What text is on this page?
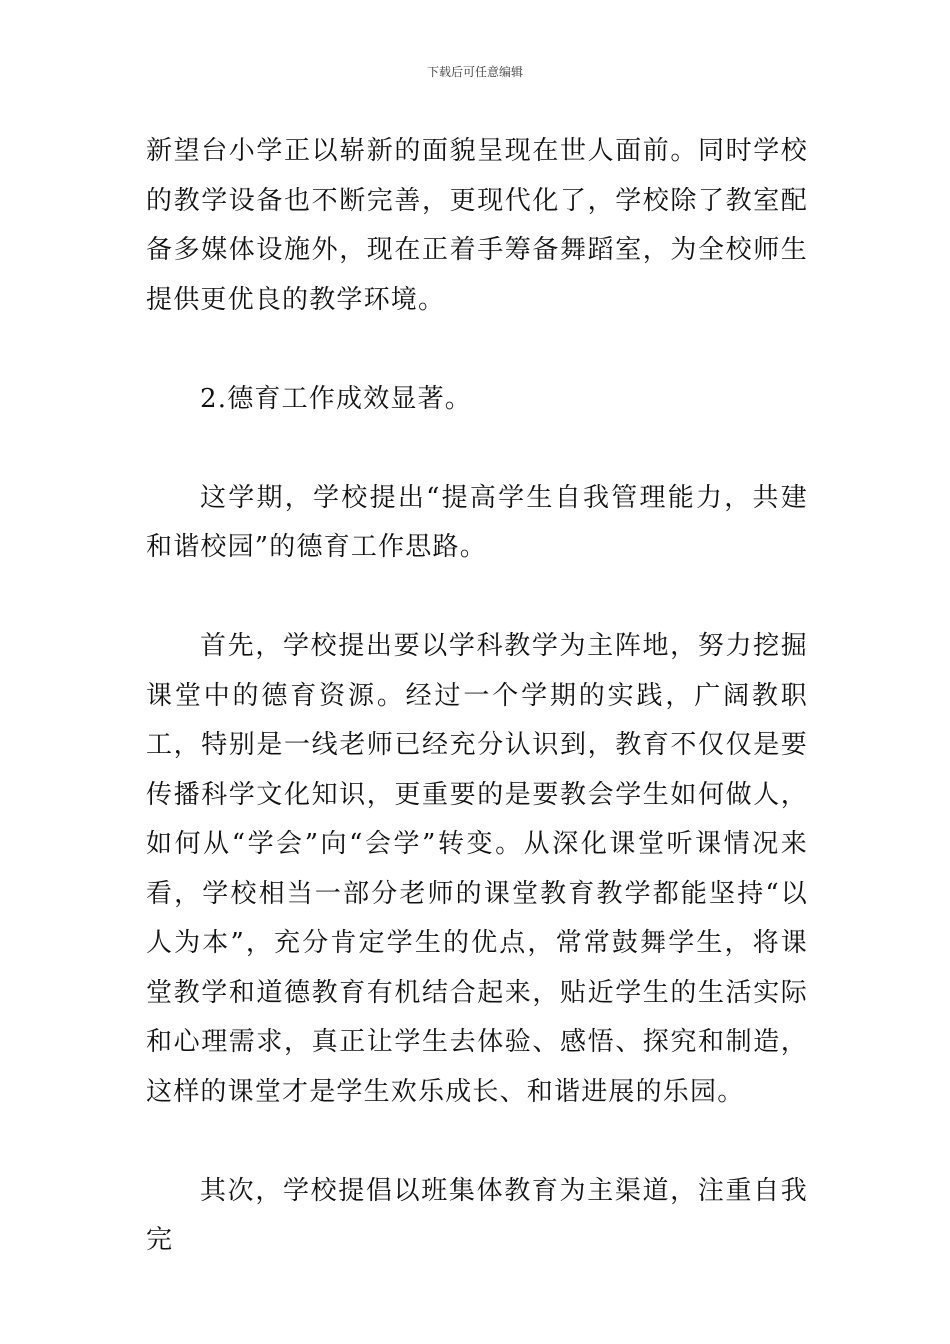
下载后可任意编辑

新望台小学正以崭新的面貌呈现在世人面前。同时学校的教学设备也不断完善，更现代化了，学校除了教室配备多媒体设施外，现在正着手筹备舞蹈室，为全校师生提供更优良的教学环境。

2.德育工作成效显著。

这学期，学校提出“提高学生自我管理能力，共建和谐校园”的德育工作思路。

首先，学校提出要以学科教学为主阵地，努力挖掘课堂中的德育资源。经过一个学期的实践，广阔教职工，特别是一线老师已经充分认识到，教育不仅仅是要传播科学文化知识，更重要的是要教会学生如何做人，如何从“学会”向“会学”转变。从深化课堂听课情况来看，学校相当一部分老师的课堂教育教学都能坚持“以人为本”，充分肯定学生的优点，常常鼓舞学生，将课堂教学和道德教育有机结合起来，贴近学生的生活实际和心理需求，真正让学生去体验、感悟、探究和制造，这样的课堂才是学生欢乐成长、和谐进展的乐园。

其次，学校提倡以班集体教育为主渠道，注重自我完
